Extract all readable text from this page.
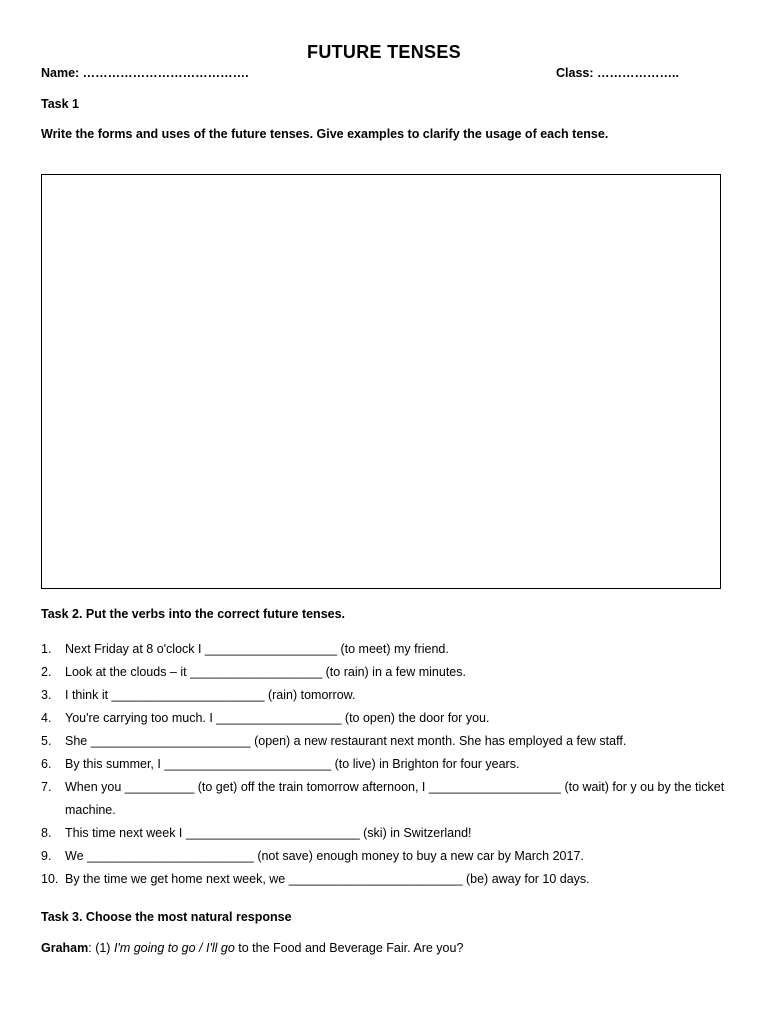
FUTURE TENSES
Name: ………………………………….	Class: ………………..
Task 1
Write the forms and uses of the future tenses. Give examples to clarify the usage of each tense.
Task 2. Put the verbs into the correct future tenses.
1. Next Friday at 8 o'clock I ___________________ (to meet) my friend.
2. Look at the clouds – it ___________________ (to rain) in a few minutes.
3. I think it ______________________ (rain) tomorrow.
4. You're carrying too much. I __________________ (to open) the door for you.
5. She _______________________ (open) a new restaurant next month. She has employed a few staff.
6. By this summer, I ________________________ (to live) in Brighton for four years.
7. When you __________ (to get) off the train tomorrow afternoon, I ___________________ (to wait) for y ou by the ticket machine.
8. This time next week I _________________________ (ski) in Switzerland!
9. We ________________________ (not save) enough money to buy a new car by March 2017.
10. By the time we get home next week, we _________________________ (be) away for 10 days.
Task 3. Choose the most natural response
Graham: (1) I'm going to go / I'll go to the Food and Beverage Fair. Are you?
